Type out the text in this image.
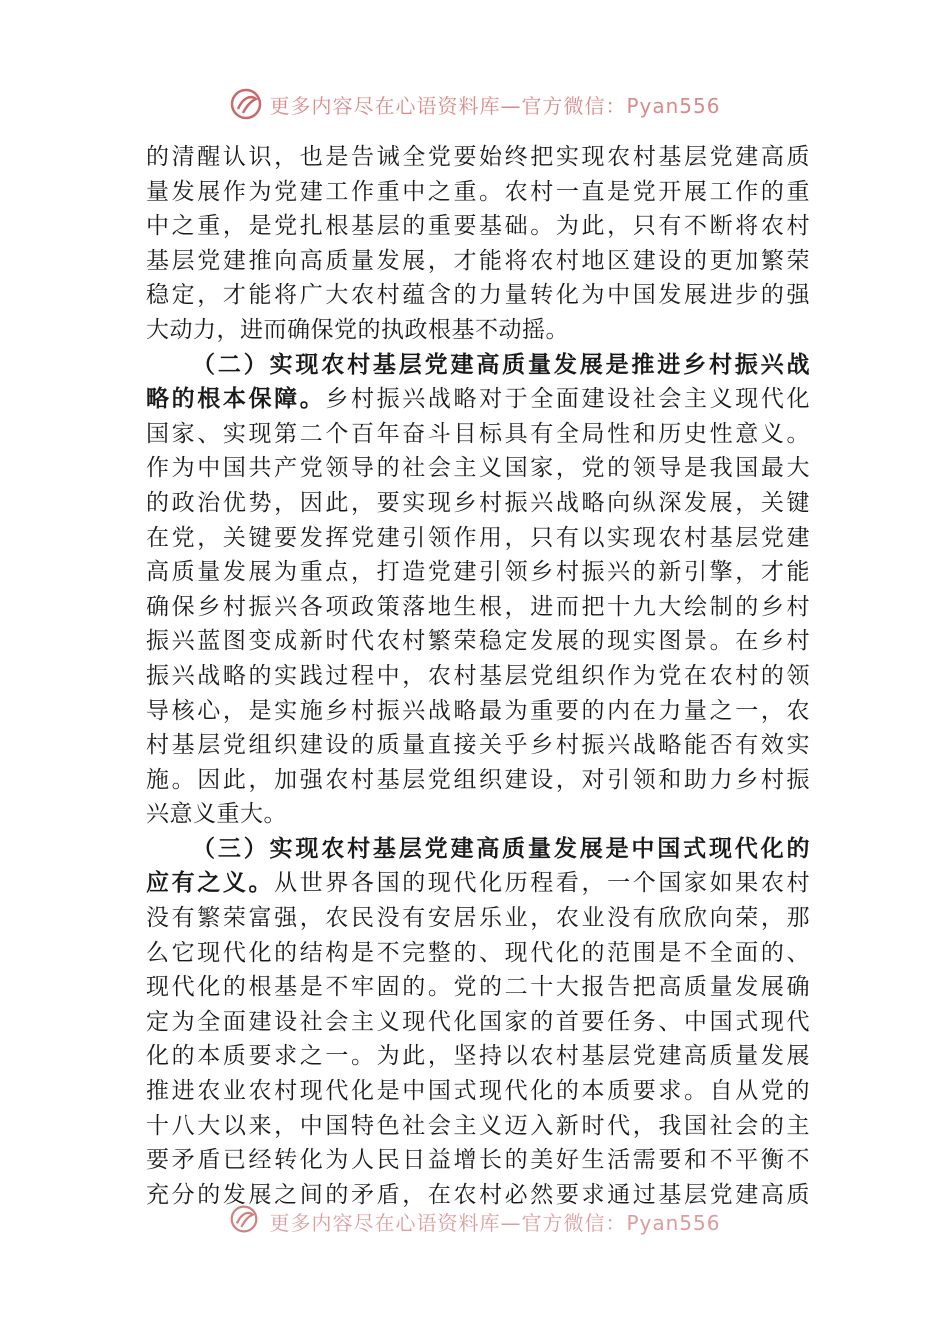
更多内容尽在心语资料库—官方微信：Pyan556
的清醒认识，也是告诫全党要始终把实现农村基层党建高质
量发展作为党建工作重中之重。农村一直是党开展工作的重
中之重，是党扎根基层的重要基础。为此，只有不断将农村
基层党建推向高质量发展，才能将农村地区建设的更加繁荣
稳定，才能将广大农村蕴含的力量转化为中国发展进步的强
大动力，进而确保党的执政根基不动摇。
（二）实现农村基层党建高质量发展是推进乡村振兴战
略的根本保障。乡村振兴战略对于全面建设社会主义现代化
国家、实现第二个百年奋斗目标具有全局性和历史性意义。
作为中国共产党领导的社会主义国家，党的领导是我国最大
的政治优势，因此，要实现乡村振兴战略向纵深发展，关键
在党，关键要发挥党建引领作用，只有以实现农村基层党建
高质量发展为重点，打造党建引领乡村振兴的新引擎，才能
确保乡村振兴各项政策落地生根，进而把十九大绘制的乡村
振兴蓝图变成新时代农村繁荣稳定发展的现实图景。在乡村
振兴战略的实践过程中，农村基层党组织作为党在农村的领
导核心，是实施乡村振兴战略最为重要的内在力量之一，农
村基层党组织建设的质量直接关乎乡村振兴战略能否有效实
施。因此，加强农村基层党组织建设，对引领和助力乡村振
兴意义重大。
（三）实现农村基层党建高质量发展是中国式现代化的
应有之义。从世界各国的现代化历程看，一个国家如果农村
没有繁荣富强，农民没有安居乐业，农业没有欣欣向荣，那
么它现代化的结构是不完整的、现代化的范围是不全面的、
现代化的根基是不牢固的。党的二十大报告把高质量发展确
定为全面建设社会主义现代化国家的首要任务、中国式现代
化的本质要求之一。为此，坚持以农村基层党建高质量发展
推进农业农村现代化是中国式现代化的本质要求。自从党的
十八大以来，中国特色社会主义迈入新时代，我国社会的主
要矛盾已经转化为人民日益增长的美好生活需要和不平衡不
充分的发展之间的矛盾，在农村必然要求通过基层党建高质
更多内容尽在心语资料库—官方微信：Pyan556
